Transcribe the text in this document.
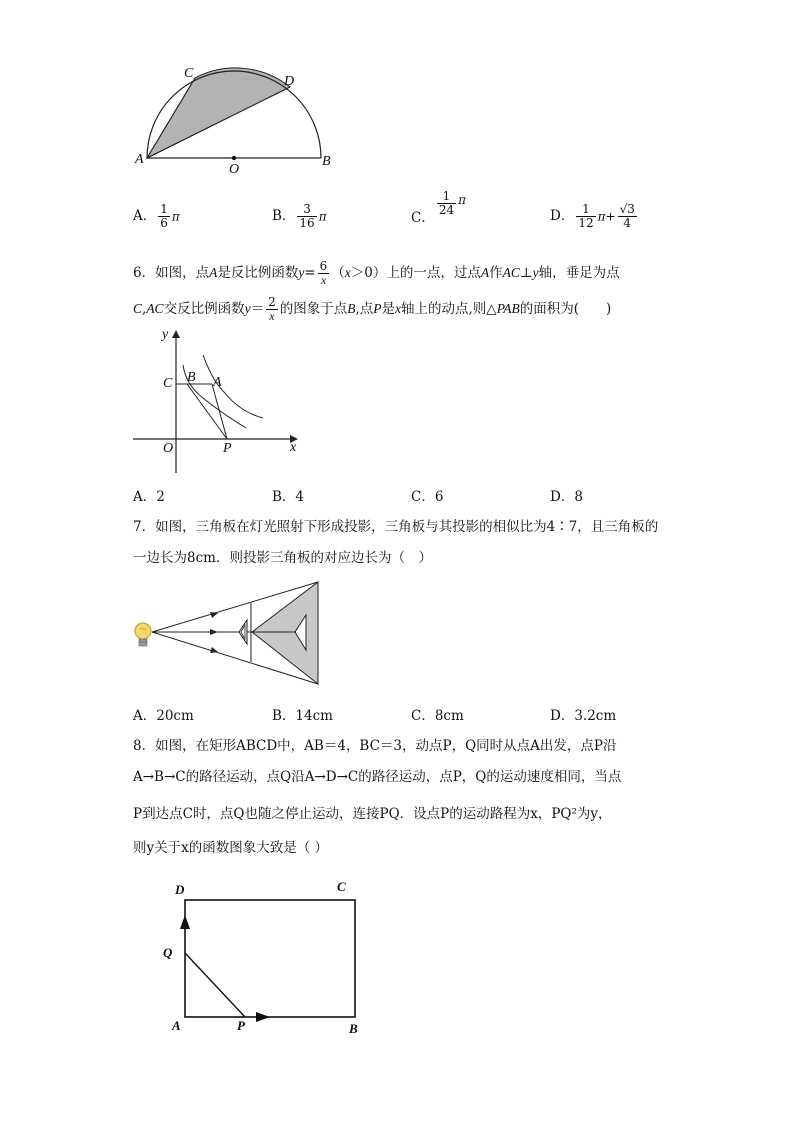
C
D
A
O
B
A． $\frac{1}{6}$ π	B． $\frac{3}{16}$ π	C．
$\frac{1}{24}$ π
D． $\frac{1}{12} \pi+ \frac{√3}{4}$
6．如图，点A是反比例函数$y= \frac{6}{x} (x>0)$上的一点，过点A作AC⊥y轴，垂足为点
C,AC交反比例函数$y= \frac{2}{x}$ 的图象于点B,点P是x轴上的动点,则△PAB的面积为(　　)
y
x
C B A
O	P
A．2	B．4	C．6	D．8
7．如图，三角板在灯光照射下形成投影，三角板与其投影的相似比为4∶7，且三角板的
一边长为8cm．则投影三角板的对应边长为（　）
A．20cm	B．14cm	C．8cm	D．3.2cm
8．如图，在矩形ABCD中，AB＝4，BC＝3，动点P，Q同时从点A出发，点P沿
A→B→C的路径运动，点Q沿A→D→C的路径运动，点P，Q的运动速度相同，当点
P到达点C时，点Q也随之停止运动，连接PQ．设点P的运动路程为x，PQ²为y，
则y关于x的函数图象大致是（ ）
D	C
Q
A	P	B
